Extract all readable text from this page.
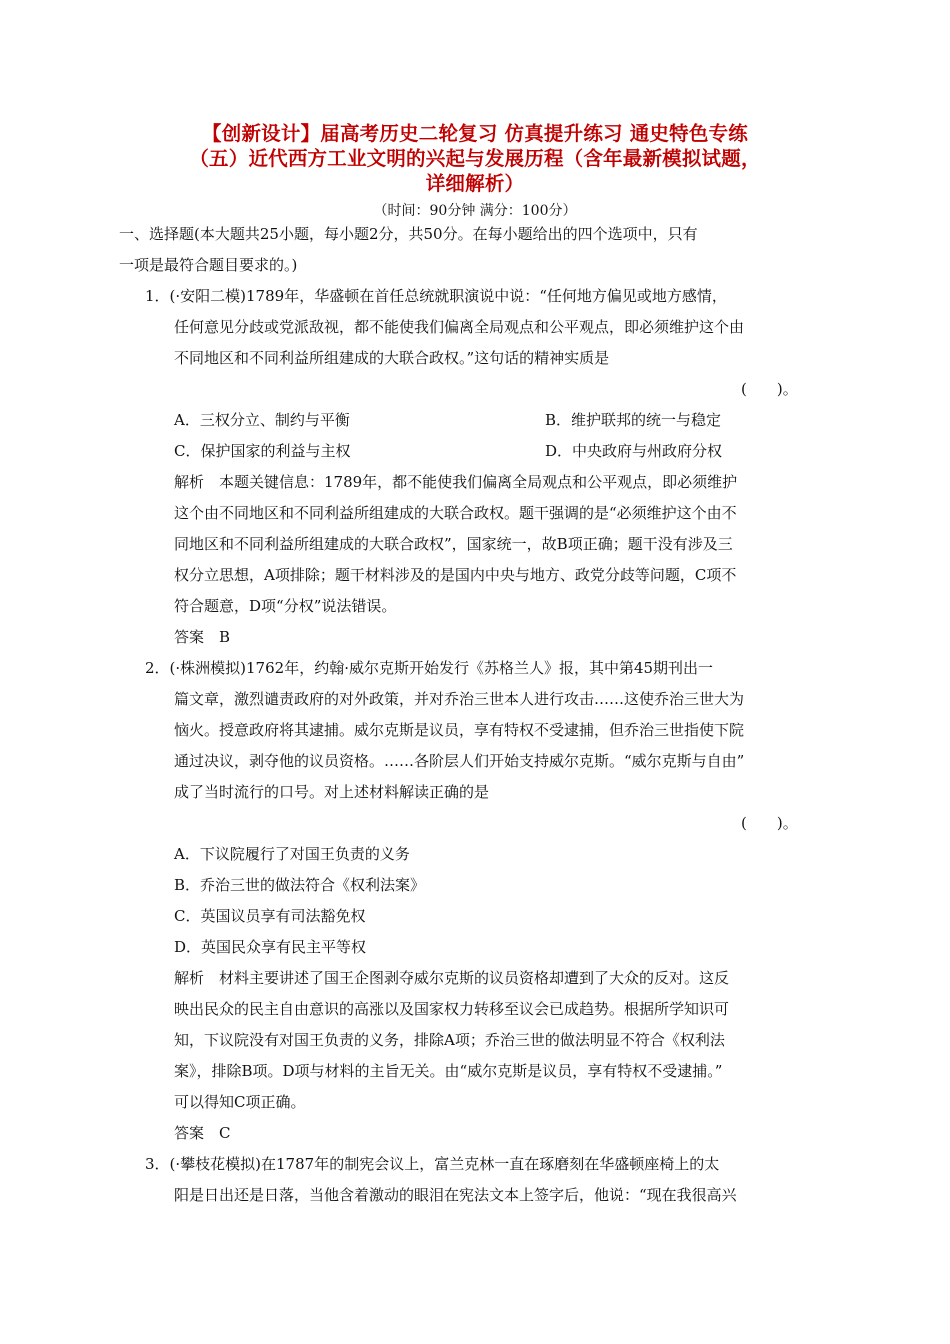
【创新设计】届高考历史二轮复习 仿真提升练习 通史特色专练
（五）近代西方工业文明的兴起与发展历程（含年最新模拟试题，
详细解析）
（时间：90分钟 满分：100分）
一、选择题(本大题共25小题，每小题2分，共50分。在每小题给出的四个选项中，只有
一项是最符合题目要求的。)
1．(·安阳二模)1789年，华盛顿在首任总统就职演说中说：“任何地方偏见或地方感情，
任何意见分歧或党派敌视，都不能使我们偏离全局观点和公平观点，即必须维护这个由
不同地区和不同利益所组建成的大联合政权。”这句话的精神实质是
(　　)。
A．三权分立、制约与平衡	B．维护联邦的统一与稳定
C．保护国家的利益与主权	D．中央政府与州政府分权
解析　本题关键信息：1789年，都不能使我们偏离全局观点和公平观点，即必须维护
这个由不同地区和不同利益所组建成的大联合政权。题干强调的是“必须维护这个由不
同地区和不同利益所组建成的大联合政权”，国家统一，故B项正确；题干没有涉及三
权分立思想，A项排除；题干材料涉及的是国内中央与地方、政党分歧等问题，C项不
符合题意，D项“分权”说法错误。
答案　B
2．(·株洲模拟)1762年，约翰·威尔克斯开始发行《苏格兰人》报，其中第45期刊出一
篇文章，激烈谴责政府的对外政策，并对乔治三世本人进行攻击……这使乔治三世大为
恼火。授意政府将其逮捕。威尔克斯是议员，享有特权不受逮捕，但乔治三世指使下院
通过决议，剥夺他的议员资格。……各阶层人们开始支持威尔克斯。“威尔克斯与自由”
成了当时流行的口号。对上述材料解读正确的是
(　　)。
A．下议院履行了对国王负责的义务
B．乔治三世的做法符合《权利法案》
C．英国议员享有司法豁免权
D．英国民众享有民主平等权
解析　材料主要讲述了国王企图剥夺威尔克斯的议员资格却遭到了大众的反对。这反
映出民众的民主自由意识的高涨以及国家权力转移至议会已成趋势。根据所学知识可
知，下议院没有对国王负责的义务，排除A项；乔治三世的做法明显不符合《权利法
案》，排除B项。D项与材料的主旨无关。由“威尔克斯是议员，享有特权不受逮捕。”
可以得知C项正确。
答案　C
3．(·攀枝花模拟)在1787年的制宪会议上，富兰克林一直在琢磨刻在华盛顿座椅上的太
阳是日出还是日落，当他含着激动的眼泪在宪法文本上签字后，他说：“现在我很高兴
